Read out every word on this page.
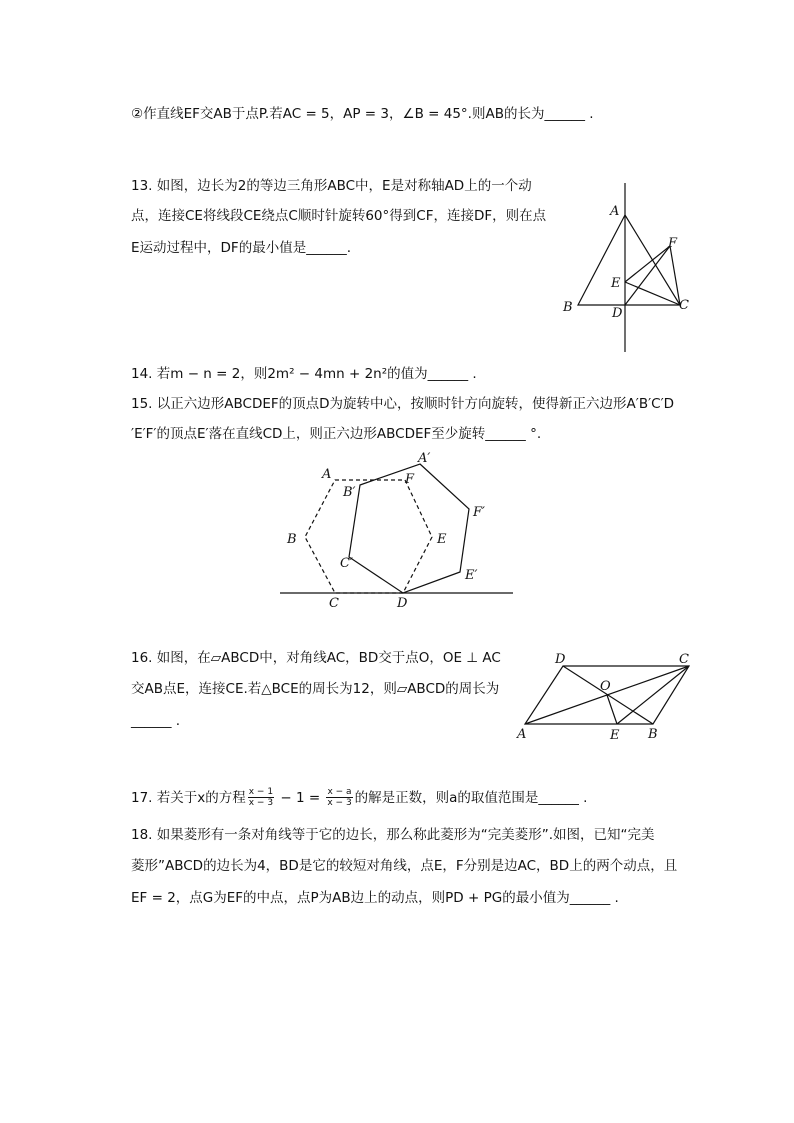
②作直线EF交AB于点P.若AC = 5，AP = 3，∠B = 45°.则AB的长为______ .
13. 如图，边长为2的等边三角形ABC中，E是对称轴AD上的一个动
点，连接CE将线段CE绕点C顺时针旋转60°得到CF，连接DF，则在点
E运动过程中，DF的最小值是______.
A
B	C
D
E
F
14. 若m − n = 2，则2m² − 4mn + 2n²的值为______ .
15. 以正六边形ABCDEF的顶点D为旋转中心，按顺时针方向旋转，使得新正六边形A′B′C′D
′E′F′的顶点E′落在直线CD上，则正六边形ABCDEF至少旋转______ °.
A
B
C	D
E
F
A′
B′
C′
E′
F′
16. 如图，在▱ABCD中，对角线AC，BD交于点O，OE ⊥ AC
交AB点E，连接CE.若△BCE的周长为12，则▱ABCD的周长为
______ .
A	B
C
D
E
O
17. 若关于x的方程 $\frac{x - 1}{x - 3} - 1 = \frac{x - a}{x - 3}$ 的解是正数，则a的取值范围是______ .
18. 如果菱形有一条对角线等于它的边长，那么称此菱形为“完美菱形”.如图，已知“完美
菱形”ABCD的边长为4，BD是它的较短对角线，点E，F分别是边AC，BD上的两个动点，且
EF = 2，点G为EF的中点，点P为AB边上的动点，则PD + PG的最小值为______ .
